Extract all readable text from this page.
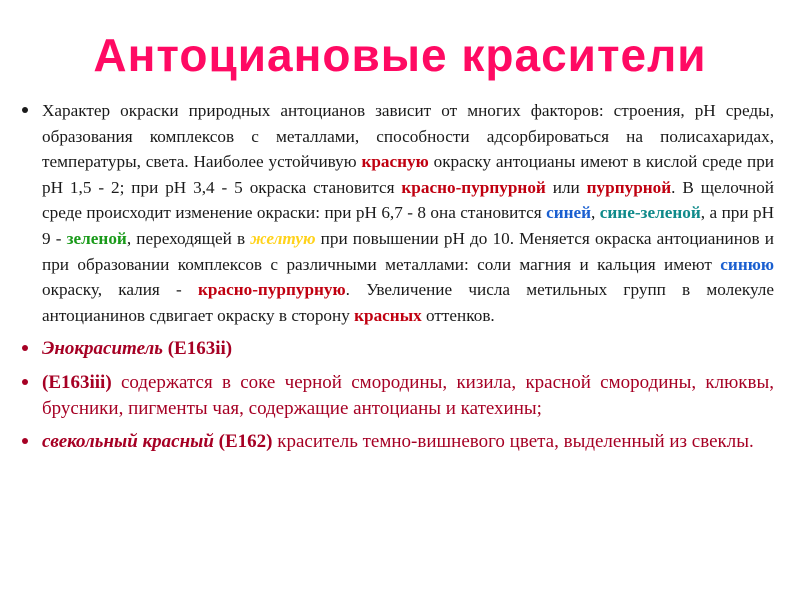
Антоциановые красители
Характер окраски природных антоцианов зависит от многих факторов: строения, pH среды, образования комплексов с металлами, способности адсорбироваться на полисахаридах, температуры, света. Наиболее устойчивую красную окраску антоцианы имеют в кислой среде при рН 1,5 - 2; при рН 3,4 - 5 окраска становится красно-пурпурной или пурпурной. В щелочной среде происходит изменение окраски: при рН 6,7 - 8 она становится синей, сине-зеленой, а при рН 9 - зеленой, переходящей в желтую при повышении рН до 10. Меняется окраска антоцианинов и при образовании комплексов с различными металлами: соли магния и кальция имеют синюю окраску, калия - красно-пурпурную. Увеличение числа метильных групп в молекуле антоцианинов сдвигает окраску в сторону красных оттенков.
Энокраситель (Е163ii)
(Е163iii) содержатся в соке черной смородины, кизила, красной смородины, клюквы, брусники, пигменты чая, содержащие антоцианы и катехины;
свекольный красный (Е162) краситель темно-вишневого цвета, выделенный из свеклы.
